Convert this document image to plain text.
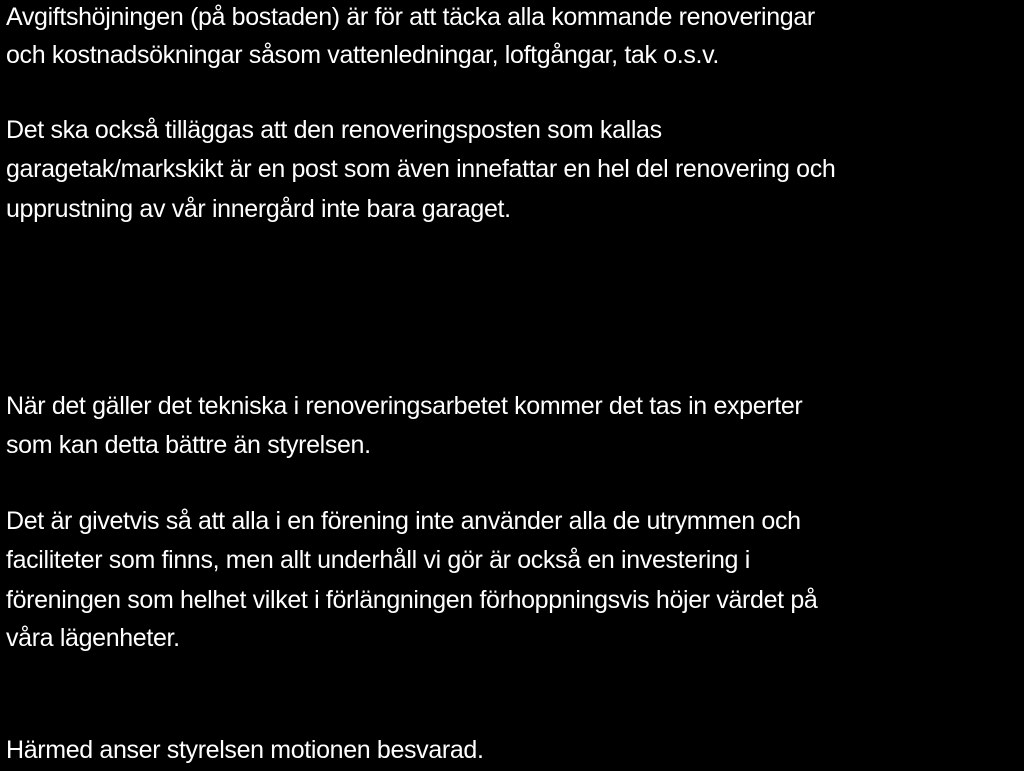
Avgiftshöjningen (på bostaden) är för att täcka alla kommande renoveringar

och kostnadsökningar såsom vattenledningar, loftgångar, tak o.s.v.

Det ska också tilläggas att den renoveringsposten som kallas

garagetak/markskikt är en post som även innefattar en hel del renovering och

upprustning av vår innergård inte bara garaget.

När det gäller det tekniska i renoveringsarbetet kommer det tas in experter

som kan detta bättre än styrelsen.

Det är givetvis så att alla i en förening inte använder alla de utrymmen och

faciliteter som finns, men allt underhåll vi gör är också en investering i

föreningen som helhet vilket i förlängningen förhoppningsvis höjer värdet på

våra lägenheter.

Härmed anser styrelsen motionen besvarad.
